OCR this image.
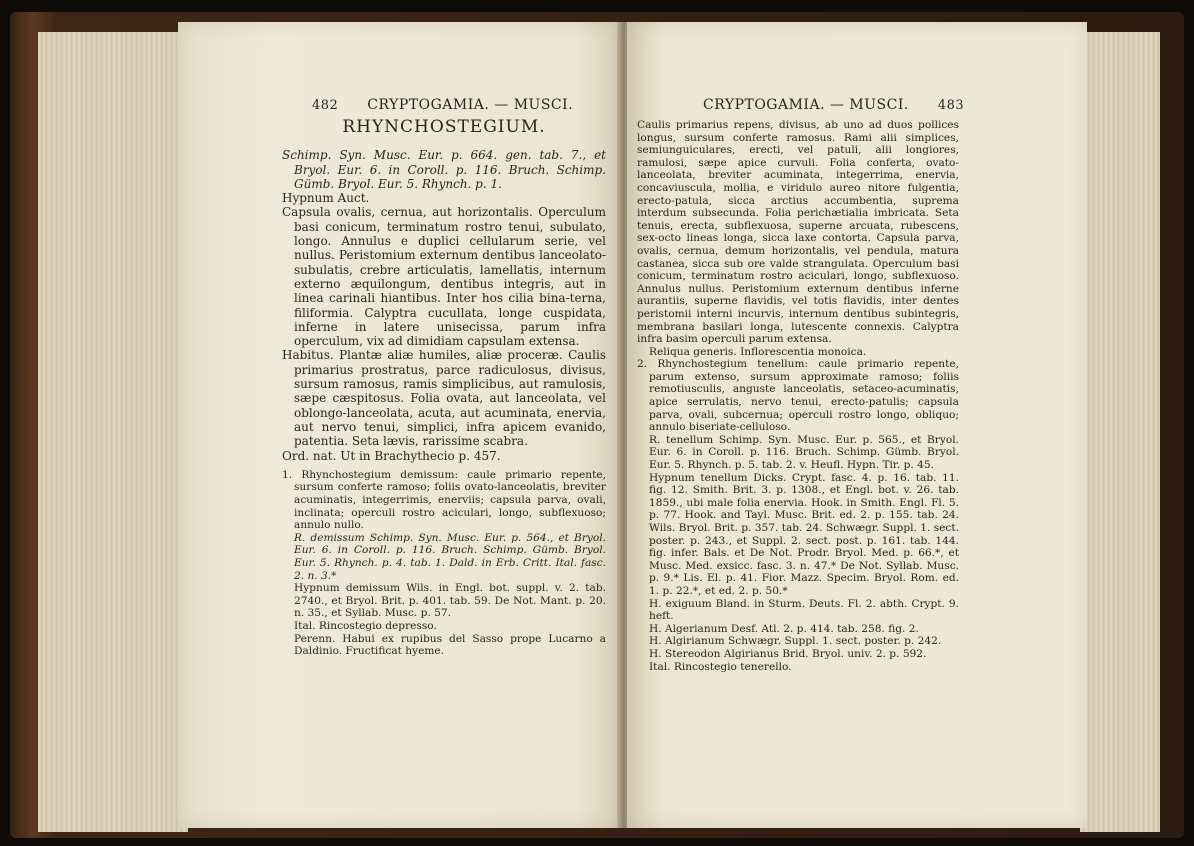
482 CRYPTOGAMIA. — MUSCI.
RHYNCHOSTEGIUM.

Schimp. Syn. Musc. Eur. p. 664. gen. tab. 7., et Bryol. Eur. 6. in Coroll. p. 116. Bruch. Schimp. Gümb. Bryol. Eur. 5. Rhynch. p. 1.

Hypnum Auct.

Capsula ovalis, cernua, aut horizontalis. Operculum basi conicum, terminatum rostro tenui, subulato, longo. Annulus e duplici cellularum serie, vel nullus. Peristomium externum dentibus lanceolato-subulatis, crebre articulatis, lamellatis, internum externo æquilongum, dentibus integris, aut in linea carinali hiantibus. Inter hos cilia bina-terna, filiformia. Calyptra cucullata, longe cuspidata, inferne in latere unisecissa, parum infra operculum, vix ad dimidiam capsulam extensa.

Habitus. Plantæ aliæ humiles, aliæ proceræ. Caulis primarius prostratus, parce radiculosus, divisus, sursum ramosus, ramis simplicibus, aut ramulosis, sæpe cæspitosus. Folia ovata, aut lanceolata, vel oblongo-lanceolata, acuta, aut acuminata, enervia, aut nervo tenui, simplici, infra apicem evanido, patentia. Seta lævis, rarissime scabra.

Ord. nat. Ut in Brachythecio p. 457.

1. Rhynchostegium demissum: caule primario repente, sursum conferte ramoso; foliis ovato-lanceolatis, breviter acuminatis, integerrimis, enerviis; capsula parva, ovali, inclinata; operculi rostro aciculari, longo, subflexuoso; annulo nullo.

R. demissum Schimp. Syn. Musc. Eur. p. 564., et Bryol. Eur. 6. in Coroll. p. 116. Bruch. Schimp. Gümb. Bryol. Eur. 5. Rhynch. p. 4. tab. 1. Dald. in Erb. Critt. Ital. fasc. 2. n. 3.*

Hypnum demissum Wils. in Engl. bot. suppl. v. 2. tab. 2740., et Bryol. Brit. p. 401. tab. 59. De Not. Mant. p. 20. n. 35., et Syllab. Musc. p. 57.

Ital. Rincostegio depresso.

Perenn. Habui ex rupibus del Sasso prope Lucarno a Daldinio. Fructificat hyeme.

CRYPTOGAMIA. — MUSCI. 483

Caulis primarius repens, divisus, ab uno ad duos pollices longus, sursum conferte ramosus. Rami alii simplices, semiunguiculares, erecti, vel patuli, alii longiores, ramulosi, sæpe apice curvuli. Folia conferta, ovato-lanceolata, breviter acuminata, integerrima, enervia, concaviuscula, mollia, e viridulo aureo nitore fulgentia, erecto-patula, sicca arctius accumbentia, suprema interdum subsecunda. Folia perichætialia imbricata. Seta tenuis, erecta, subflexuosa, superne arcuata, rubescens, sex-octo lineas longa, sicca laxe contorta. Capsula parva, ovalis, cernua, demum horizontalis, vel pendula, matura castanea, sicca sub ore valde strangulata. Operculum basi conicum, terminatum rostro aciculari, longo, subflexuoso. Annulus nullus. Peristomium externum dentibus inferne aurantiis, superne flavidis, vel totis flavidis, inter dentes peristomii interni incurvis, internum dentibus subintegris, membrana basilari longa, lutescente connexis. Calyptra infra basim operculi parum extensa.

Reliqua generis. Inflorescentia monoica.

2. Rhynchostegium tenellum: caule primario repente, parum extenso, sursum approximate ramoso; foliis remotiusculis, anguste lanceolatis, setaceo-acuminatis, apice serrulatis, nervo tenui, erecto-patulis; capsula parva, ovali, subcernua; operculi rostro longo, obliquo; annulo biseriate-celluloso.

R. tenellum Schimp. Syn. Musc. Eur. p. 565., et Bryol. Eur. 6. in Coroll. p. 116. Bruch. Schimp. Gümb. Bryol. Eur. 5. Rhynch. p. 5. tab. 2. v. Heufl. Hypn. Tir. p. 45.

Hypnum tenellum Dicks. Crypt. fasc. 4. p. 16. tab. 11. fig. 12. Smith. Brit. 3. p. 1308., et Engl. bot. v. 26. tab. 1859., ubi male folia enervia. Hook. in Smith. Engl. Fl. 5. p. 77. Hook. and Tayl. Musc. Brit. ed. 2. p. 155. tab. 24. Wils. Bryol. Brit. p. 357. tab. 24. Schwægr. Suppl. 1. sect. poster. p. 243., et Suppl. 2. sect. post. p. 161. tab. 144. fig. infer. Bals. et De Not. Prodr. Bryol. Med. p. 66.*, et Musc. Med. exsicc. fasc. 3. n. 47.* De Not. Syllab. Musc. p. 9.* Lis. El. p. 41. Fior. Mazz. Specim. Bryol. Rom. ed. 1. p. 22.*, et ed. 2. p. 50.*

H. exiguum Bland. in Sturm. Deuts. Fl. 2. abth. Crypt. 9. heft.

H. Algerianum Desf. Atl. 2. p. 414. tab. 258. fig. 2.

H. Algirianum Schwægr. Suppl. 1. sect. poster. p. 242.

H. Stereodon Algirianus Brid. Bryol. univ. 2. p. 592.

Ital. Rincostegio tenerello.
